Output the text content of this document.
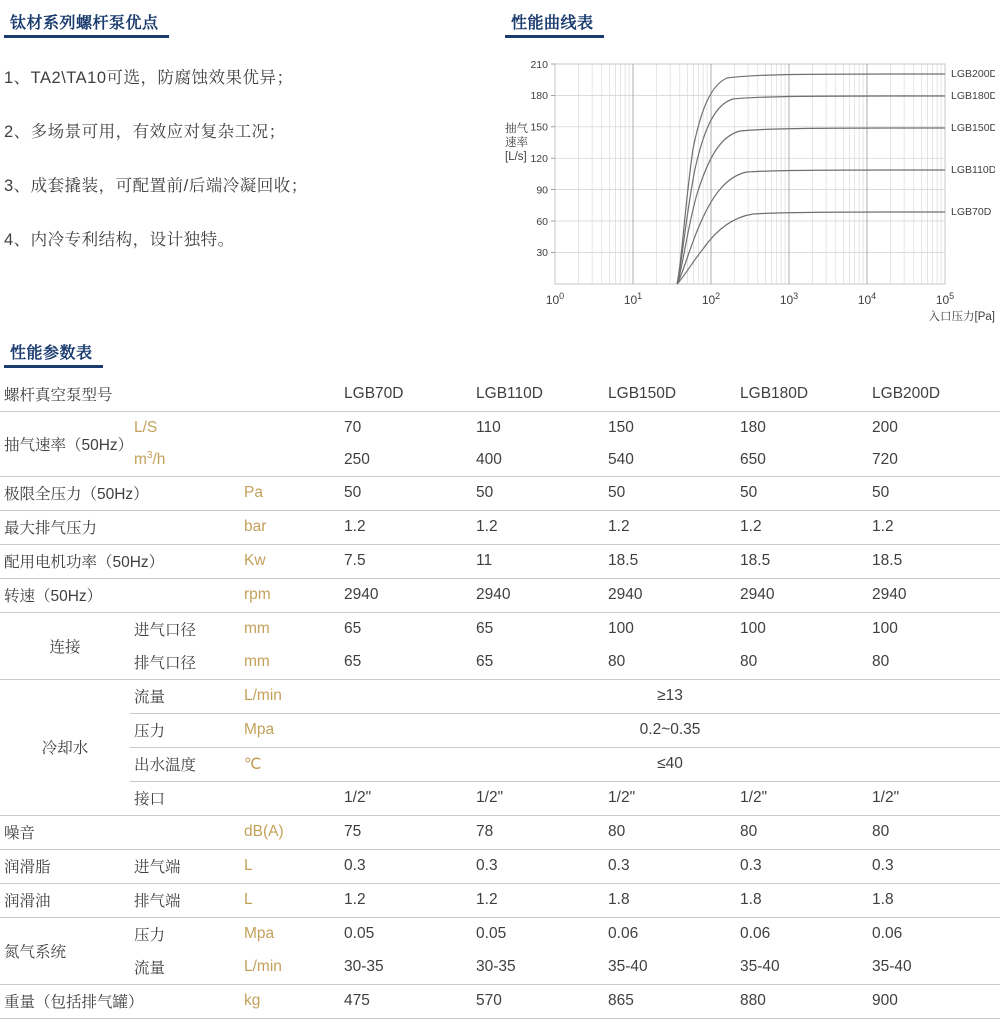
钛材系列螺杆泵优点
1、TA2\TA10可选，防腐蚀效果优异；
2、多场景可用，有效应对复杂工况；
3、成套撬装，可配置前/后端冷凝回收；
4、内冷专利结构，设计独特。
性能曲线表
抽气
速率
[L/s]
210
180
150
120
90
60
30
$10^0$	$10^1$	$10^2$	$10^3$	$10^4$	$10^5$
LGB200D
LGB180D
LGB150D
LGB110D
LGB70D
入口压力[Pa]
性能参数表
螺杆真空泵型号			LGB70D	LGB110D	LGB150D	LGB180D	LGB200D
抽气速率（50Hz）	L/S		70	110	150	180	200
	$m^3/h$		250	400	540	650	720
极限全压力（50Hz）		Pa	50	50	50	50	50
最大排气压力		bar	1.2	1.2	1.2	1.2	1.2
配用电机功率（50Hz）		Kw	7.5	11	18.5	18.5	18.5
转速（50Hz）		rpm	2940	2940	2940	2940	2940
连接	进气口径	mm	65	65	100	100	100
	排气口径	mm	65	65	80	80	80
冷却水	流量	L/min	≥13				
	压力	Mpa	0.2~0.35				
	出水温度	℃	≤40				
	接口		1/2"	1/2"	1/2"	1/2"	1/2"
噪音		dB(A)	75	78	80	80	80
润滑脂	进气端	L	0.3	0.3	0.3	0.3	0.3
润滑油	排气端	L	1.2	1.2	1.8	1.8	1.8
氮气系统	压力	Mpa	0.05	0.05	0.06	0.06	0.06
	流量	L/min	30-35	30-35	35-40	35-40	35-40
重量（包括排气罐）		kg	475	570	865	880	900
